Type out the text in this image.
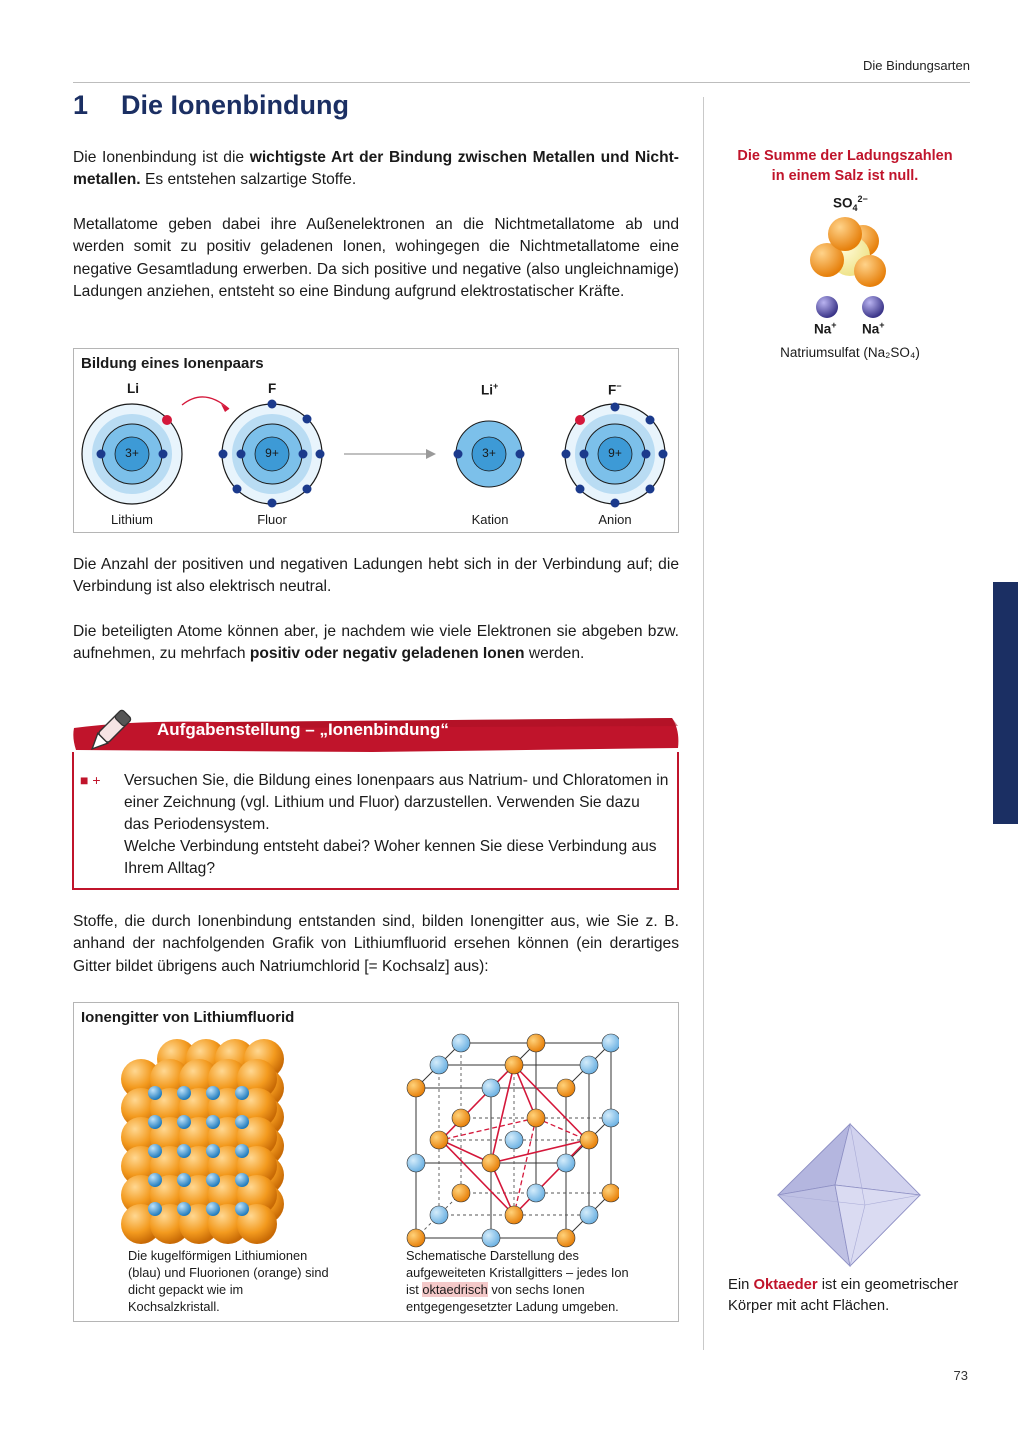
Die Bindungsarten
1 Die Ionenbindung
Die Ionenbindung ist die wichtigste Art der Bindung zwischen Metallen und Nicht-metallen. Es entstehen salzartige Stoffe.
Metallatome geben dabei ihre Außenelektronen an die Nichtmetallatome ab und werden somit zu positiv geladenen Ionen, wohingegen die Nichtmetallatome eine negative Gesamtladung erwerben. Da sich positive und negative (also ungleichnamige) Ladungen anziehen, entsteht so eine Bindung aufgrund elektrostatischer Kräfte.
Bildung eines Ionenpaars
Li	F	Li+	F−
3+	9+	3+	9+
Lithium	Fluor	Kation	Anion
Die Anzahl der positiven und negativen Ladungen hebt sich in der Verbindung auf; die Verbindung ist also elektrisch neutral.
Die beteiligten Atome können aber, je nachdem wie viele Elektronen sie abgeben bzw. aufnehmen, zu mehrfach positiv oder negativ geladenen Ionen werden.
Aufgabenstellung – „Ionenbindung“
■ + Versuchen Sie, die Bildung eines Ionenpaars aus Natrium- und Chloratomen in einer Zeichnung (vgl. Lithium und Fluor) darzustellen. Verwenden Sie dazu das Periodensystem.
Welche Verbindung entsteht dabei? Woher kennen Sie diese Verbindung aus Ihrem Alltag?
Stoffe, die durch Ionenbindung entstanden sind, bilden Ionengitter aus, wie Sie z. B. anhand der nachfolgenden Grafik von Lithiumfluorid ersehen können (ein derartiges Gitter bildet übrigens auch Natriumchlorid [= Kochsalz] aus):
Ionengitter von Lithiumfluorid
Die kugelförmigen Lithiumionen (blau) und Fluorionen (orange) sind dicht gepackt wie im Kochsalzkristall.
Schematische Darstellung des aufgeweiteten Kristallgitters – jedes Ion ist oktaedrisch von sechs Ionen entgegengesetzter Ladung umgeben.
Die Summe der Ladungszahlen
in einem Salz ist null.
$SO_4^{2-}$
Na+ Na+
Natriumsulfat (Na₂SO₄)
Ein Oktaeder ist ein geometrischer Körper mit acht Flächen.
73
